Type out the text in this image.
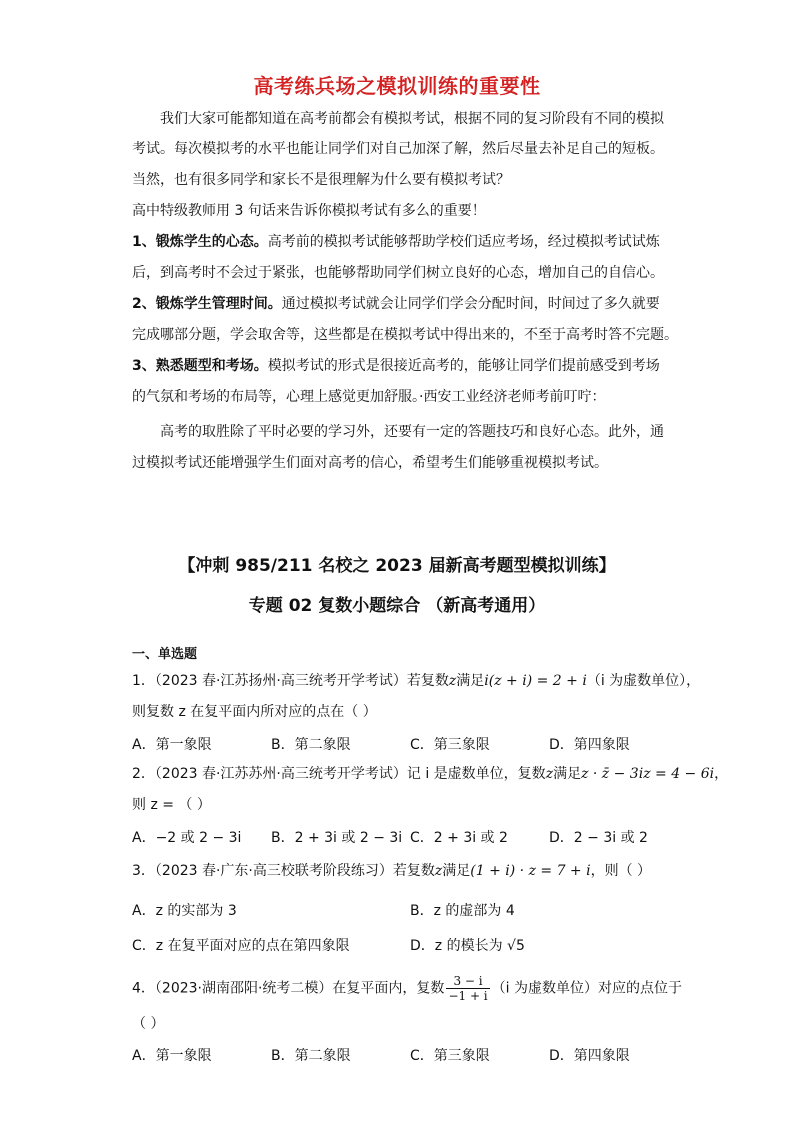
高考练兵场之模拟训练的重要性
我们大家可能都知道在高考前都会有模拟考试，根据不同的复习阶段有不同的模拟
考试。每次模拟考的水平也能让同学们对自己加深了解，然后尽量去补足自己的短板。
当然，也有很多同学和家长不是很理解为什么要有模拟考试？
高中特级教师用 3 句话来告诉你模拟考试有多么的重要！
1、锻炼学生的心态。高考前的模拟考试能够帮助学校们适应考场，经过模拟考试试炼
后，到高考时不会过于紧张，也能够帮助同学们树立良好的心态，增加自己的自信心。
2、锻炼学生管理时间。通过模拟考试就会让同学们学会分配时间，时间过了多久就要
完成哪部分题，学会取舍等，这些都是在模拟考试中得出来的，不至于高考时答不完题。
3、熟悉题型和考场。模拟考试的形式是很接近高考的，能够让同学们提前感受到考场
的气氛和考场的布局等，心理上感觉更加舒服。·西安工业经济老师考前叮咛：
高考的取胜除了平时必要的学习外，还要有一定的答题技巧和良好心态。此外，通
过模拟考试还能增强学生们面对高考的信心，希望考生们能够重视模拟考试。
【冲刺 985/211 名校之 2023 届新高考题型模拟训练】
专题 02 复数小题综合 （新高考通用）
一、单选题
1．（2023 春·江苏扬州·高三统考开学考试）若复数z满足i(z + i) = 2 + i（i 为虚数单位），
则复数 z 在复平面内所对应的点在（ ）
A．第一象限	B．第二象限	C．第三象限	D．第四象限
2．（2023 春·江苏苏州·高三统考开学考试）记 i 是虚数单位，复数z满足z · z̄ − 3iz = 4 − 6i，
则 z = （ ）
A．−2 或 2 − 3i B．2 + 3i 或 2 − 3i C．2 + 3i 或 2	D．2 − 3i 或 2
3．（2023 春·广东·高三校联考阶段练习）若复数z满足(1 + i) · z = 7 + i，则（ ）
A．z 的实部为 3	B．z 的虚部为 4
C．z 在复平面对应的点在第四象限	D．z 的模长为 √5
4．（2023·湖南邵阳·统考二模）在复平面内，复数 $\frac{3 - i}{-1 + i} (i$ 为虚数单位）对应的点位于
（ ）
A．第一象限	B．第二象限	C．第三象限	D．第四象限
